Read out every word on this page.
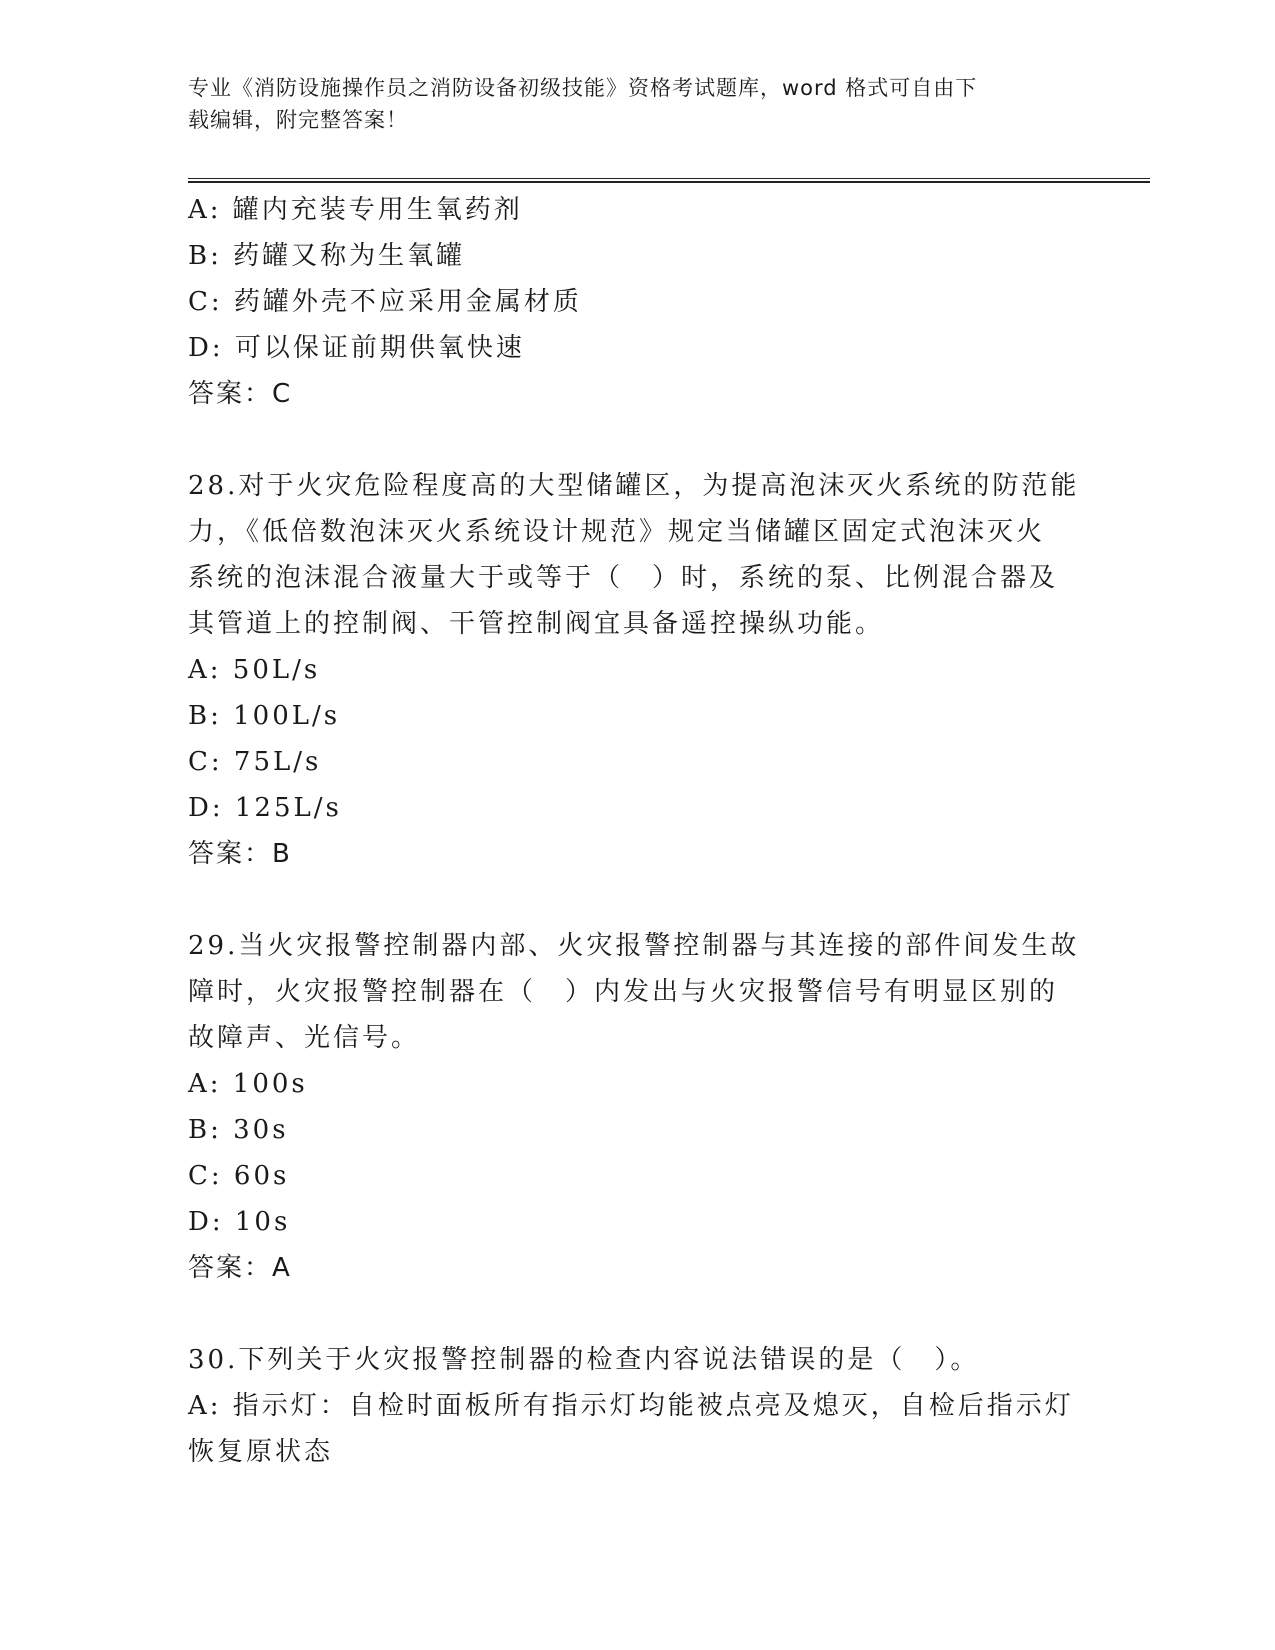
专业《消防设施操作员之消防设备初级技能》资格考试题库，word 格式可自由下
载编辑，附完整答案！
A: 罐内充装专用生氧药剂
B: 药罐又称为生氧罐
C: 药罐外壳不应采用金属材质
D: 可以保证前期供氧快速
答案：C
28.对于火灾危险程度高的大型储罐区，为提高泡沫灭火系统的防范能
力，《低倍数泡沫灭火系统设计规范》规定当储罐区固定式泡沫灭火
系统的泡沫混合液量大于或等于（　）时，系统的泵、比例混合器及
其管道上的控制阀、干管控制阀宜具备遥控操纵功能。
A: 50L/s
B: 100L/s
C: 75L/s
D: 125L/s
答案：B
29.当火灾报警控制器内部、火灾报警控制器与其连接的部件间发生故
障时，火灾报警控制器在（　）内发出与火灾报警信号有明显区别的
故障声、光信号。
A: 100s
B: 30s
C: 60s
D: 10s
答案：A
30.下列关于火灾报警控制器的检查内容说法错误的是（　）。
A: 指示灯：自检时面板所有指示灯均能被点亮及熄灭，自检后指示灯
恢复原状态
